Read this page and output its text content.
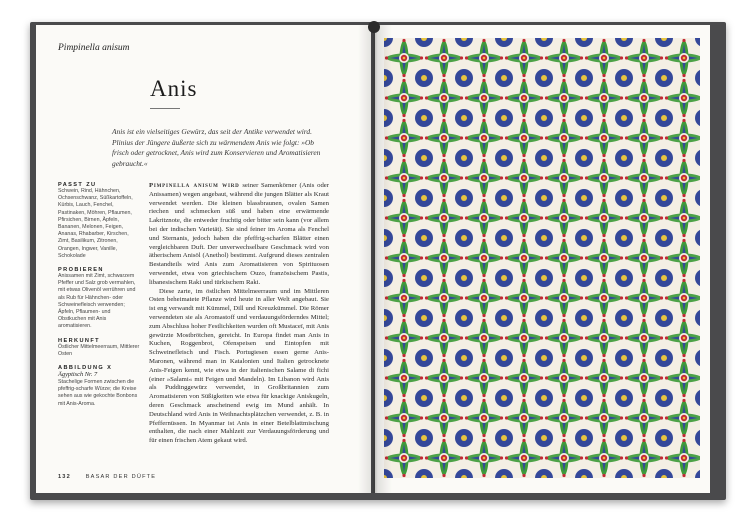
Pimpinella anisum
Anis

Anis ist ein vielseitiges Gewürz, das seit der Antike verwendet wird. Plinius der Jüngere äußerte sich zu wärmendem Anis wie folgt: »Ob frisch oder getrocknet, Anis wird zum Konservieren und Aromatisieren gebraucht.«

PASST ZU

Schwein, Rind, Hähnchen, Ochsenschwanz, Süßkartoffeln, Kürbis, Lauch, Fenchel, Pastinaken, Möhren, Pflaumen, Pfirsichen, Birnen, Äpfeln, Bananen, Melonen, Feigen, Ananas, Rhabarber, Kirschen, Zimt, Basilikum, Zitronen, Orangen, Ingwer, Vanille, Schokolade

PROBIEREN

Anissamen mit Zimt, schwarzem Pfeffer und Salz grob vermahlen, mit etwas Olivenöl verrühren und als Rub für Hähnchen- oder Schweinefleisch verwenden; Äpfeln, Pflaumen- und Obstkuchen mit Anis aromatisieren.

HERKUNFT

Östlicher Mittelmeerraum, Mittlerer Osten

ABBILDUNG X
Ägyptisch Nr. 7

Stachelige Formen zwischen die pfeffrig-scharfe Würze; die Kreise sehen aus wie gekochte Bonbons mit Anis-Aroma.

Pimpinella anisum wird seiner Samenkörner (Anis oder Anissamen) wegen angebaut, während die jungen Blätter als Kraut verwendet werden. Die kleinen blassbraunen, ovalen Samen riechen und schmecken süß und haben eine erwärmende Lakritznote, die entweder fruchtig oder bitter sein kann (vor allem bei der indischen Varietät). Sie sind feiner im Aroma als Fenchel und Sternanis, jedoch haben die pfeffrig-scharfen Blätter einen vergleichbaren Duft. Der unverwechselbare Geschmack wird von ätherischem Anisöl (Anethol) bestimmt. Aufgrund dieses zentralen Bestandteils wird Anis zum Aromatisieren von Spirituosen verwendet, etwa von griechischem Ouzo, französischem Pastis, libanesischem Raki und türkischem Raki.

Diese zarte, im östlichen Mittelmeerraum und im Mittleren Osten beheimatete Pflanze wird heute in aller Welt angebaut. Sie ist eng verwandt mit Kümmel, Dill und Kreuzkümmel. Die Römer verwendeten sie als Aromastoff und verdauungsförderndes Mittel; zum Abschluss hoher Festlichkeiten wurden oft Mustaceï, mit Anis gewürzte Mostbrötchen, gereicht. In Europa findet man Anis in Kuchen, Roggenbrot, Ofenspeisen und Eintopfen mit Schweinefleisch und Fisch. Portugiesen essen gerne Anis-Maronen, während man in Katalonien und Italien getrocknete Anis-Feigen kennt, wie etwa in der italienischen Salame di fichi (einer »Salami« mit Feigen und Mandeln). Im Libanon wird Anis als Puddinggewürz verwendet, in Großbritannien zum Aromatisieren von Süßigkeiten wie etwa für knackige Aniskugeln, deren Geschmack anscheinend ewig im Mund anhält. In Deutschland wird Anis in Weihnachtsplätzchen verwendet, z. B. in Pfeffernüssen. In Myanmar ist Anis in einer Betelblattmischung enthalten, die nach einer Mahlzeit zur Verdauungsförderung und für einen frischen Atem gekaut wird.

132	BASAR DER DÜFTE
